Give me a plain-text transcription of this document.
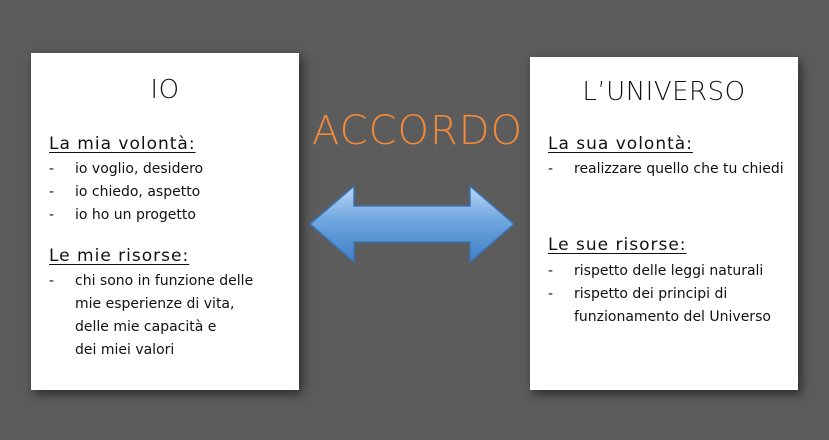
IO
La mia volontà:
- io voglio, desidero
- io chiedo, aspetto
- io ho un progetto
Le mie risorse:
- chi sono in funzione delle
mie esperienze di vita,
delle mie capacità e
dei miei valori
ACCORDO
L’UNIVERSO
La sua volontà:
- realizzare quello che tu chiedi
Le sue risorse:
- rispetto delle leggi naturali
- rispetto dei principi di
funzionamento del Universo
